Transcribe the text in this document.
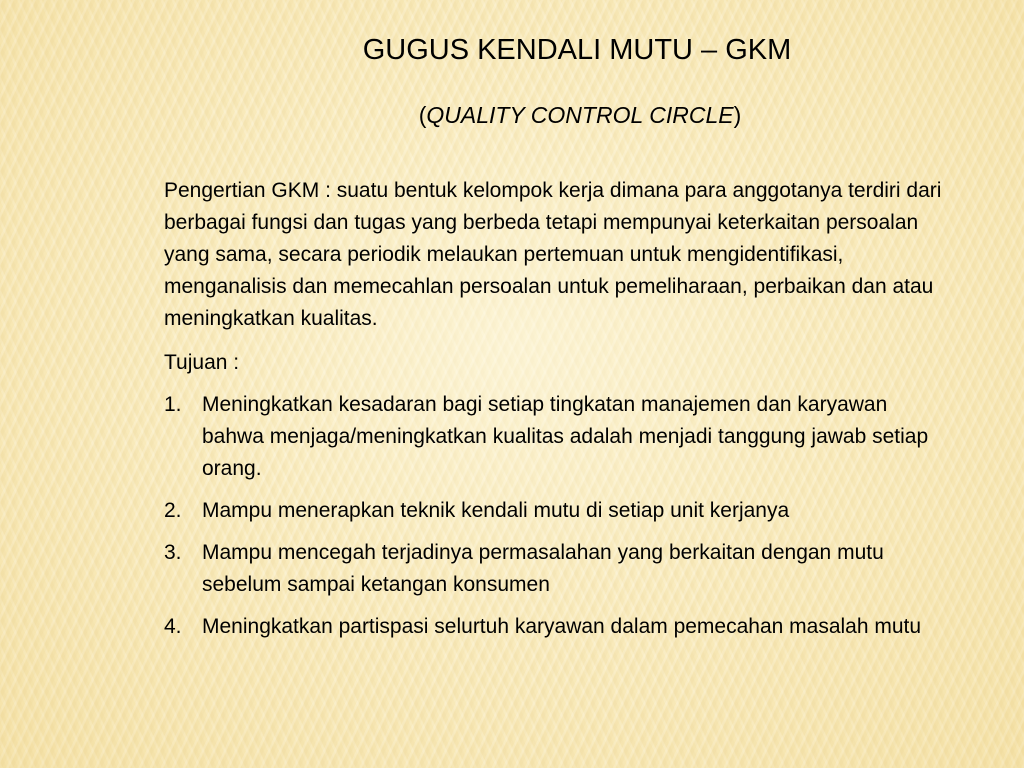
GUGUS KENDALI MUTU – GKM
(QUALITY CONTROL CIRCLE)

Pengertian GKM : suatu bentuk kelompok kerja dimana para anggotanya terdiri dari berbagai fungsi dan tugas yang berbeda tetapi mempunyai keterkaitan persoalan yang sama, secara periodik melaukan pertemuan untuk mengidentifikasi, menganalisis dan memecahlan persoalan untuk pemeliharaan, perbaikan dan atau meningkatkan kualitas.

Tujuan :

1. Meningkatkan kesadaran bagi setiap tingkatan manajemen dan karyawan bahwa menjaga/meningkatkan kualitas adalah menjadi tanggung jawab setiap orang.
2. Mampu menerapkan teknik kendali mutu di setiap unit kerjanya
3. Mampu mencegah terjadinya permasalahan yang berkaitan dengan mutu sebelum sampai ketangan konsumen
4. Meningkatkan partispasi selurtuh karyawan dalam pemecahan masalah mutu
